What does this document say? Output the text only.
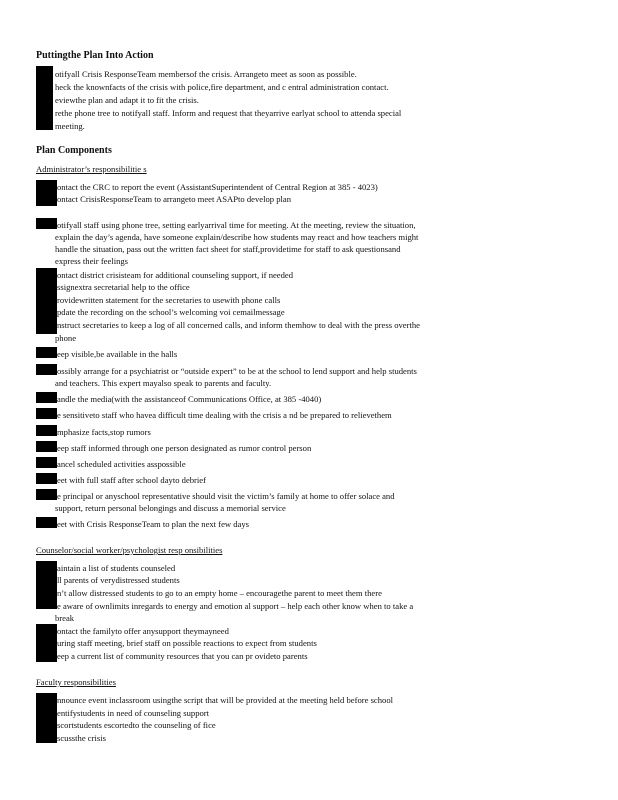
Puttingthe Plan Into Action
otifyall Crisis ResponseTeam membersof the crisis. Arrangeto meet as soon as possible.
heck the knownfacts of the crisis with police,fire department, and c entral administration contact.
eviewthe plan and adapt it to fit the crisis.
rethe phone tree to notifyall staff. Inform and request that theyarrive earlyat school to attenda special
meeting.
Plan Components
Administrator’s responsibilitie s
ontact the CRC to report the event (AssistantSuperintendent of Central Region at 385 - 4023)
ontact CrisisResponseTeam to arrangeto meet ASAPto develop plan
otifyall staff using phone tree, setting earlyarrival time for meeting. At the meeting, review the situation,
explain the day’s agenda, have someone explain/describe how students may react and how teachers might
handle the situation, pass out the written fact sheet for staff,providetime for staff to ask questionsand
express their feelings
ontact district crisisteam for additional counseling support, if needed
ssignextra secretarial help to the office
rovidewritten statement for the secretaries to usewith phone calls
pdate the recording on the school’s welcoming voi cemailmessage
nstruct secretaries to keep a log of all concerned calls, and inform themhow to deal with the press overthe
phone
eep visible,be available in the halls
ossibly arrange for a psychiatrist or “outside expert” to be at the school to lend support and help students
and teachers. This expert mayalso speak to parents and faculty.
andle the media(with the assistanceof Communications Office, at 385 -4040)
e sensitiveto staff who havea difficult time dealing with the crisis a nd be prepared to relievethem
mphasize facts,stop rumors
eep staff informed through one person designated as rumor control person
ancel scheduled activities asspossible
eet with full staff after school dayto debrief
e principal or anyschool representative should visit the victim’s family at home to offer solace and
support, return personal belongings and discuss a memorial service
eet with Crisis ResponseTeam to plan the next few days
Counselor/social worker/psychologist resp onsibilities
aintain a list of students counseled
ll parents of verydistressed students
n’t allow distressed students to go to an empty home – encouragethe parent to meet them there
e aware of ownlimits inregards to energy and emotion al support – help each other know when to take a
break
ontact the familyto offer anysupport theymayneed
uring staff meeting, brief staff on possible reactions to expect from students
eep a current list of community resources that you can pr ovideto parents
Faculty responsibilities
nnounce event inclassroom usingthe script that will be provided at the meeting held before school
entifystudents in need of counseling support
scortstudents escortedto the counseling of fice
scussthe crisis
